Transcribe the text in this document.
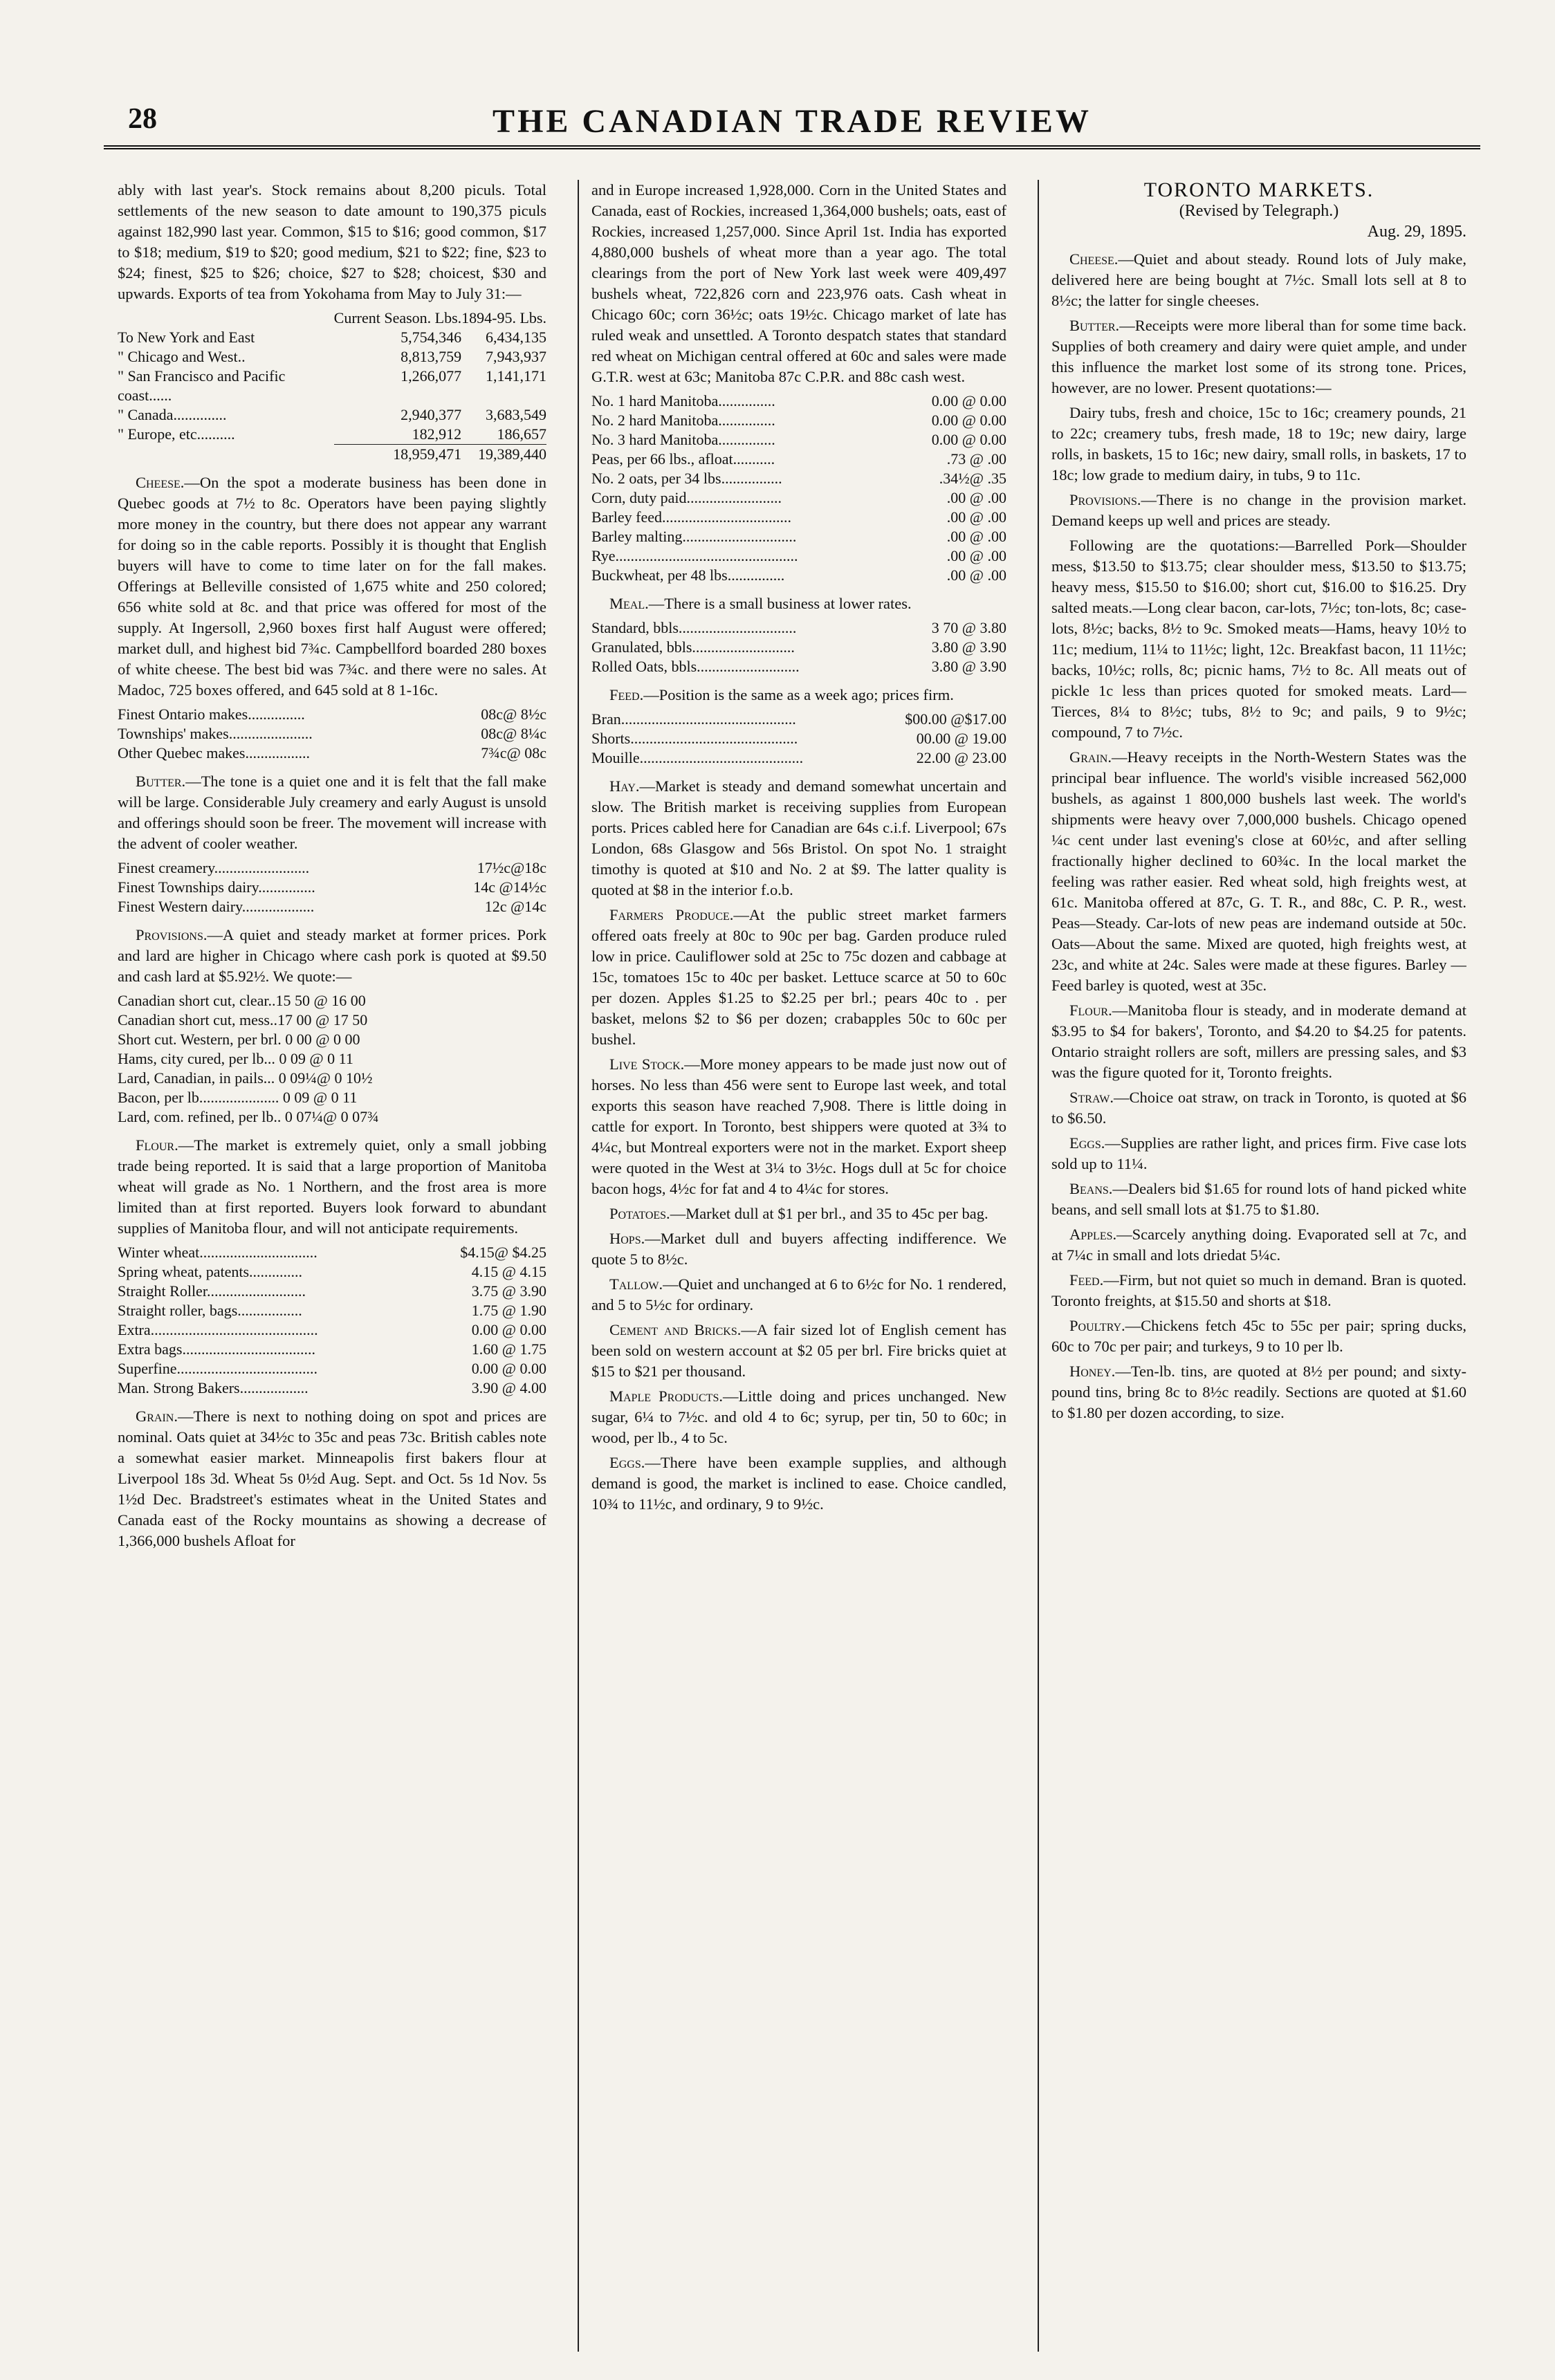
28	THE CANADIAN TRADE REVIEW

ably with last year's. Stock remains about 8,200 piculs. Total settlements of the new season to date amount to 190,375 piculs against 182,990 last year. Common, $15 to $16; good common, $17 to $18; medium, $19 to $20; good medium, $21 to $22; fine, $23 to $24; finest, $25 to $26; choice, $27 to $28; choicest, $30 and upwards. Exports of tea from Yokohama from May to July 31:—

	Current Season. Lbs.	1894-95. Lbs.
To New York and East	5,754,346	6,434,135
" Chicago and West..	8,813,759	7,943,937
" San Francisco and Pacific coast......	1,266,077	1,141,171
" Canada..............	2,940,377	3,683,549
" Europe, etc..........	182,912	186,657
	18,959,471	19,389,440

Cheese.—On the spot a moderate business has been done in Quebec goods at 7½ to 8c. Operators have been paying slightly more money in the country, but there does not appear any warrant for doing so in the cable reports. Possibly it is thought that English buyers will have to come to time later on for the fall makes. Offerings at Belleville consisted of 1,675 white and 250 colored; 656 white sold at 8c. and that price was offered for most of the supply. At Ingersoll, 2,960 boxes first half August were offered; market dull, and highest bid 7¾c. Campbellford boarded 280 boxes of white cheese. The best bid was 7¾c. and there were no sales. At Madoc, 725 boxes offered, and 645 sold at 8 1-16c.

Finest Ontario makes...............	08c@ 8½c
Townships' makes......................	08c@ 8¼c
Other Quebec makes.................	7¾c@ 08c

Butter.—The tone is a quiet one and it is felt that the fall make will be large. Considerable July creamery and early August is unsold and offerings should soon be freer. The movement will increase with the advent of cooler weather.

Finest creamery.........................	17½c@18c
Finest Townships dairy...............	14c @14½c
Finest Western dairy...................	12c @14c

Provisions.—A quiet and steady market at former prices. Pork and lard are higher in Chicago where cash pork is quoted at $9.50 and cash lard at $5.92½. We quote:—

Canadian short cut, clear..15 50 @ 16 00
Canadian short cut, mess..17 00 @ 17 50
Short cut. Western, per brl. 0 00 @ 0 00
Hams, city cured, per lb... 0 09 @ 0 11
Lard, Canadian, in pails... 0 09¼@ 0 10½
Bacon, per lb..................... 0 09 @ 0 11
Lard, com. refined, per lb.. 0 07¼@ 0 07¾

Flour.—The market is extremely quiet, only a small jobbing trade being reported. It is said that a large proportion of Manitoba wheat will grade as No. 1 Northern, and the frost area is more limited than at first reported. Buyers look forward to abundant supplies of Manitoba flour, and will not anticipate requirements.

Winter wheat...............................	$4.15@ $4.25
Spring wheat, patents..............	4.15 @ 4.15
Straight Roller..........................	3.75 @ 3.90
Straight roller, bags.................	1.75 @ 1.90
Extra............................................	0.00 @ 0.00
Extra bags...................................	1.60 @ 1.75
Superfine.....................................	0.00 @ 0.00
Man. Strong Bakers..................	3.90 @ 4.00

Grain.—There is next to nothing doing on spot and prices are nominal. Oats quiet at 34½c to 35c and peas 73c. British cables note a somewhat easier market. Minneapolis first bakers flour at Liverpool 18s 3d. Wheat 5s 0½d Aug. Sept. and Oct. 5s 1d Nov. 5s 1½d Dec. Bradstreet's estimates wheat in the United States and Canada east of the Rocky mountains as showing a decrease of 1,366,000 bushels Afloat for

and in Europe increased 1,928,000. Corn in the United States and Canada, east of Rockies, increased 1,364,000 bushels; oats, east of Rockies, increased 1,257,000. Since April 1st. India has exported 4,880,000 bushels of wheat more than a year ago. The total clearings from the port of New York last week were 409,497 bushels wheat, 722,826 corn and 223,976 oats. Cash wheat in Chicago 60c; corn 36½c; oats 19½c. Chicago market of late has ruled weak and unsettled. A Toronto despatch states that standard red wheat on Michigan central offered at 60c and sales were made G.T.R. west at 63c; Manitoba 87c C.P.R. and 88c cash west.

No. 1 hard Manitoba...............	0.00 @ 0.00
No. 2 hard Manitoba...............	0.00 @ 0.00
No. 3 hard Manitoba...............	0.00 @ 0.00
Peas, per 66 lbs., afloat...........	.73 @ .00
No. 2 oats, per 34 lbs................	.34½@ .35
Corn, duty paid.........................	.00 @ .00
Barley feed..................................	.00 @ .00
Barley malting..............................	.00 @ .00
Rye................................................	.00 @ .00
Buckwheat, per 48 lbs...............	.00 @ .00

Meal.—There is a small business at lower rates.

Standard, bbls...............................	3 70 @ 3.80
Granulated, bbls...........................	3.80 @ 3.90
Rolled Oats, bbls...........................	3.80 @ 3.90

Feed.—Position is the same as a week ago; prices firm.

Bran..............................................	$00.00 @$17.00
Shorts............................................	00.00 @ 19.00
Mouille...........................................	22.00 @ 23.00

Hay.—Market is steady and demand somewhat uncertain and slow. The British market is receiving supplies from European ports. Prices cabled here for Canadian are 64s c.i.f. Liverpool; 67s London, 68s Glasgow and 56s Bristol. On spot No. 1 straight timothy is quoted at $10 and No. 2 at $9. The latter quality is quoted at $8 in the interior f.o.b.

Farmers Produce.—At the public street market farmers offered oats freely at 80c to 90c per bag. Garden produce ruled low in price. Cauliflower sold at 25c to 75c dozen and cabbage at 15c, tomatoes 15c to 40c per basket. Lettuce scarce at 50 to 60c per dozen. Apples $1.25 to $2.25 per brl.; pears 40c to . per basket, melons $2 to $6 per dozen; crabapples 50c to 60c per bushel.

Live Stock.—More money appears to be made just now out of horses. No less than 456 were sent to Europe last week, and total exports this season have reached 7,908. There is little doing in cattle for export. In Toronto, best shippers were quoted at 3¾ to 4¼c, but Montreal exporters were not in the market. Export sheep were quoted in the West at 3¼ to 3½c. Hogs dull at 5c for choice bacon hogs, 4½c for fat and 4 to 4¼c for stores.

Potatoes.—Market dull at $1 per brl., and 35 to 45c per bag.

Hops.—Market dull and buyers affecting indifference. We quote 5 to 8½c.

Tallow.—Quiet and unchanged at 6 to 6½c for No. 1 rendered, and 5 to 5½c for ordinary.

Cement and Bricks.—A fair sized lot of English cement has been sold on western account at $2 05 per brl. Fire bricks quiet at $15 to $21 per thousand.

Maple Products.—Little doing and prices unchanged. New sugar, 6¼ to 7½c. and old 4 to 6c; syrup, per tin, 50 to 60c; in wood, per lb., 4 to 5c.

Eggs.—There have been example supplies, and although demand is good, the market is inclined to ease. Choice candled, 10¾ to 11½c, and ordinary, 9 to 9½c.

TORONTO MARKETS.
(Revised by Telegraph.)
Aug. 29, 1895.

Cheese.—Quiet and about steady. Round lots of July make, delivered here are being bought at 7½c. Small lots sell at 8 to 8½c; the latter for single cheeses.

Butter.—Receipts were more liberal than for some time back. Supplies of both creamery and dairy were quiet ample, and under this influence the market lost some of its strong tone. Prices, however, are no lower. Present quotations:—

Dairy tubs, fresh and choice, 15c to 16c; creamery pounds, 21 to 22c; creamery tubs, fresh made, 18 to 19c; new dairy, large rolls, in baskets, 15 to 16c; new dairy, small rolls, in baskets, 17 to 18c; low grade to medium dairy, in tubs, 9 to 11c.

Provisions.—There is no change in the provision market. Demand keeps up well and prices are steady.

Following are the quotations:—Barrelled Pork—Shoulder mess, $13.50 to $13.75; clear shoulder mess, $13.50 to $13.75; heavy mess, $15.50 to $16.00; short cut, $16.00 to $16.25. Dry salted meats.—Long clear bacon, car-lots, 7½c; ton-lots, 8c; case-lots, 8½c; backs, 8½ to 9c. Smoked meats—Hams, heavy 10½ to 11c; medium, 11¼ to 11½c; light, 12c. Breakfast bacon, 11 11½c; backs, 10½c; rolls, 8c; picnic hams, 7½ to 8c. All meats out of pickle 1c less than prices quoted for smoked meats. Lard—Tierces, 8¼ to 8½c; tubs, 8½ to 9c; and pails, 9 to 9½c; compound, 7 to 7½c.

Grain.—Heavy receipts in the North-Western States was the principal bear influence. The world's visible increased 562,000 bushels, as against 1 800,000 bushels last week. The world's shipments were heavy over 7,000,000 bushels. Chicago opened ¼c cent under last evening's close at 60½c, and after selling fractionally higher declined to 60¾c. In the local market the feeling was rather easier. Red wheat sold, high freights west, at 61c. Manitoba offered at 87c, G. T. R., and 88c, C. P. R., west. Peas—Steady. Car-lots of new peas are indemand outside at 50c. Oats—About the same. Mixed are quoted, high freights west, at 23c, and white at 24c. Sales were made at these figures. Barley — Feed barley is quoted, west at 35c.

Flour.—Manitoba flour is steady, and in moderate demand at $3.95 to $4 for bakers', Toronto, and $4.20 to $4.25 for patents. Ontario straight rollers are soft, millers are pressing sales, and $3 was the figure quoted for it, Toronto freights.

Straw.—Choice oat straw, on track in Toronto, is quoted at $6 to $6.50.

Eggs.—Supplies are rather light, and prices firm. Five case lots sold up to 11¼.

Beans.—Dealers bid $1.65 for round lots of hand picked white beans, and sell small lots at $1.75 to $1.80.

Apples.—Scarcely anything doing. Evaporated sell at 7c, and at 7¼c in small and lots driedat 5¼c.

Feed.—Firm, but not quiet so much in demand. Bran is quoted. Toronto freights, at $15.50 and shorts at $18.

Poultry.—Chickens fetch 45c to 55c per pair; spring ducks, 60c to 70c per pair; and turkeys, 9 to 10 per lb.

Honey.—Ten-lb. tins, are quoted at 8½ per pound; and sixty-pound tins, bring 8c to 8½c readily. Sections are quoted at $1.60 to $1.80 per dozen according, to size.
